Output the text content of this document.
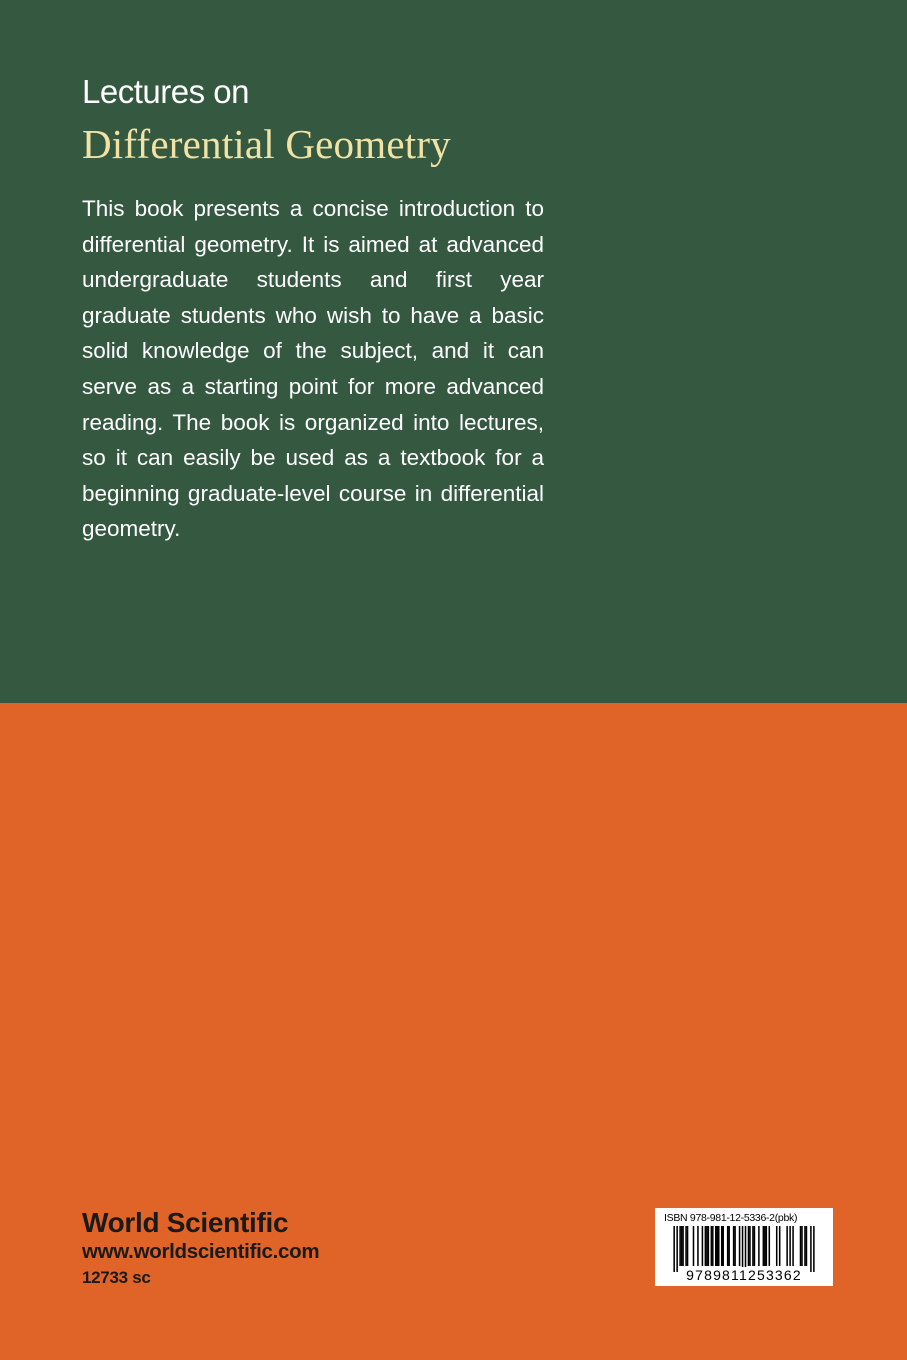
Lectures on
Differential Geometry

This book presents a concise introduction to differential geometry. It is aimed at advanced undergraduate students and first year graduate students who wish to have a basic solid knowledge of the subject, and it can serve as a starting point for more advanced reading. The book is organized into lectures, so it can easily be used as a textbook for a beginning graduate-level course in differential geometry.

World Scientific

www.worldscientific.com

12733 sc

ISBN 978-981-12-5336-2(pbk)

9789811253362
